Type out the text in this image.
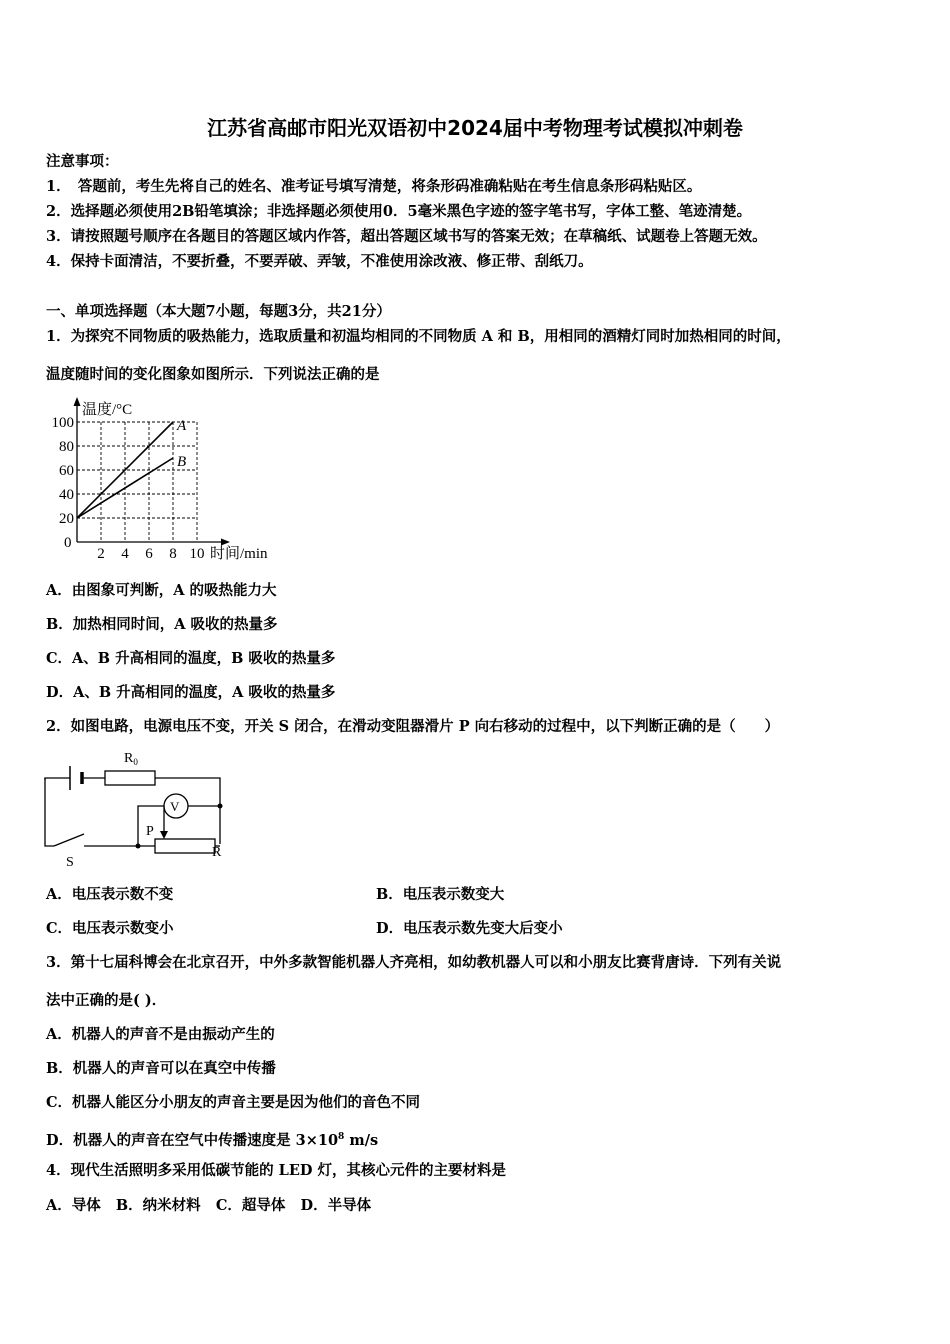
江苏省高邮市阳光双语初中2024届中考物理考试模拟冲刺卷
注意事项：
1．　答题前，考生先将自己的姓名、准考证号填写清楚，将条形码准确粘贴在考生信息条形码粘贴区。
2．选择题必须使用2B铅笔填涂；非选择题必须使用0．5毫米黑色字迹的签字笔书写，字体工整、笔迹清楚。
3．请按照题号顺序在各题目的答题区域内作答，超出答题区域书写的答案无效；在草稿纸、试题卷上答题无效。
4．保持卡面清洁，不要折叠，不要弄破、弄皱，不准使用涂改液、修正带、刮纸刀。
一、单项选择题（本大题7小题，每题3分，共21分）
1．为探究不同物质的吸热能力，选取质量和初温均相同的不同物质 A 和 B，用相同的酒精灯同时加热相同的时间，
温度随时间的变化图象如图所示．下列说法正确的是
温度/°C
时间/min
0
2 4 6 8 10
20
40
60
80
100	A
B
A．由图象可判断，A 的吸热能力大
B．加热相同时间，A 吸收的热量多
C．A、B 升高相同的温度，B 吸收的热量多
D．A、B 升高相同的温度，A 吸收的热量多
2．如图电路，电源电压不变，开关 S 闭合，在滑动变阻器滑片 P 向右移动的过程中，以下判断正确的是（　　）
$R_0$
V
P
R
S
A．电压表示数不变	B．电压表示数变大
C．电压表示数变小	D．电压表示数先变大后变小
3．第十七届科博会在北京召开，中外多款智能机器人齐亮相，如幼教机器人可以和小朋友比赛背唐诗．下列有关说
法中正确的是( )．
A．机器人的声音不是由振动产生的
B．机器人的声音可以在真空中传播
C．机器人能区分小朋友的声音主要是因为他们的音色不同
D．机器人的声音在空气中传播速度是 $3\times 10^8$ m/s
4．现代生活照明多采用低碳节能的 LED 灯，其核心元件的主要材料是
A．导体 B．纳米材料 C．超导体 D．半导体
